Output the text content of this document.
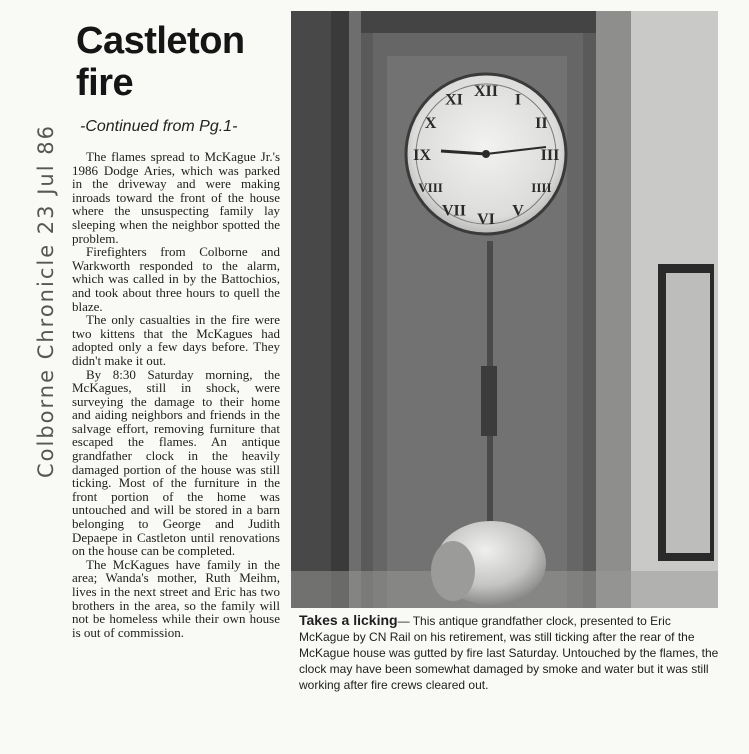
Colborne Chronicle 23 Jul 86
Castleton fire
-Continued from Pg.1-

The flames spread to McKague Jr.'s 1986 Dodge Aries, which was parked in the driveway and were making inroads toward the front of the house where the unsuspecting family lay sleeping when the neighbor spotted the problem.

Firefighters from Colborne and Warkworth responded to the alarm, which was called in by the Battochios, and took about three hours to quell the blaze.

The only casualties in the fire were two kittens that the McKagues had adopted only a few days before. They didn't make it out.

By 8:30 Saturday morning, the McKagues, still in shock, were surveying the damage to their home and aiding neighbors and friends in the salvage effort, removing furniture that escaped the flames. An antique grandfather clock in the heavily damaged portion of the house was still ticking. Most of the furniture in the front portion of the home was untouched and will be stored in a barn belonging to George and Judith Depaepe in Castleton until renovations on the house can be completed.

The McKagues have family in the area; Wanda's mother, Ruth Meihm, lives in the next street and Eric has two brothers in the area, so the family will not be homeless while their own house is out of commission.

XII
I
II
III
IIII
V
VI
VII
VIII
IX
X
XI
Takes a licking— This antique grandfather clock, presented to Eric McKague by CN Rail on his retirement, was still ticking after the rear of the McKague house was gutted by fire last Saturday. Untouched by the flames, the clock may have been somewhat damaged by smoke and water but it was still working after fire crews cleared out.
